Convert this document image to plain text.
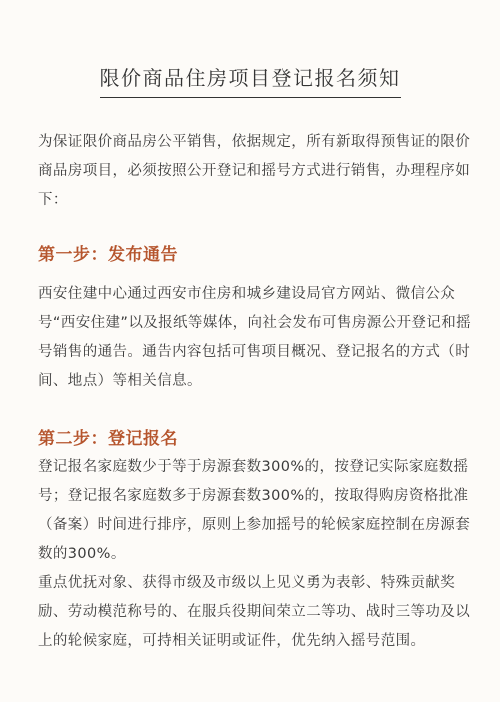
限价商品住房项目登记报名须知

为保证限价商品房公平销售，依据规定，所有新取得预售证的限价商品房项目，必须按照公开登记和摇号方式进行销售，办理程序如下：

第一步：发布通告

西安住建中心通过西安市住房和城乡建设局官方网站、微信公众号“西安住建”以及报纸等媒体，向社会发布可售房源公开登记和摇号销售的通告。通告内容包括可售项目概况、登记报名的方式（时间、地点）等相关信息。

第二步：登记报名

登记报名家庭数少于等于房源套数300%的，按登记实际家庭数摇号；登记报名家庭数多于房源套数300%的，按取得购房资格批准（备案）时间进行排序，原则上参加摇号的轮候家庭控制在房源套数的300%。

重点优抚对象、获得市级及市级以上见义勇为表彰、特殊贡献奖励、劳动模范称号的、在服兵役期间荣立二等功、战时三等功及以上的轮候家庭，可持相关证明或证件，优先纳入摇号范围。
